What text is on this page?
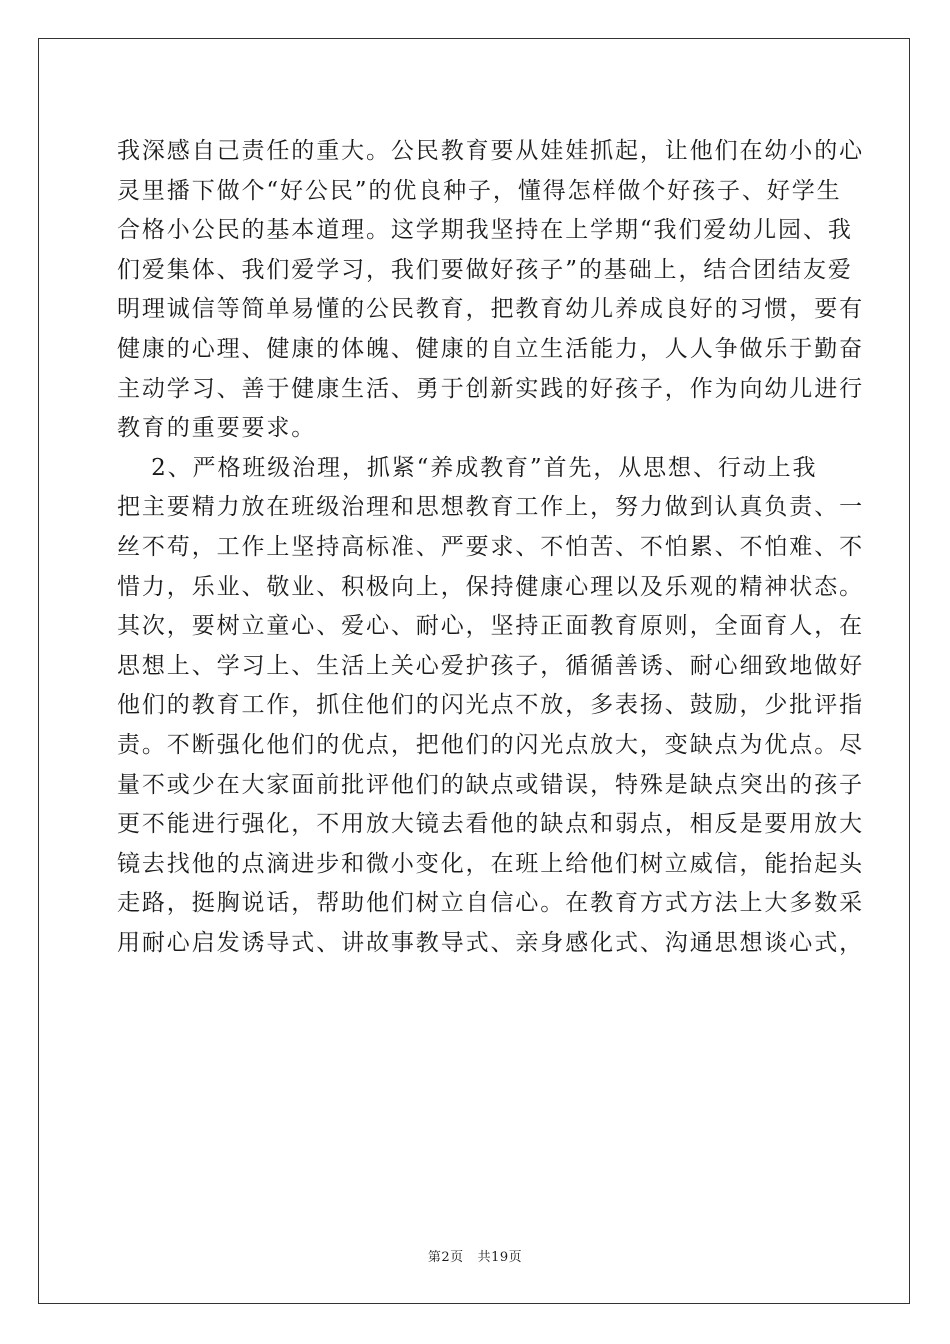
我深感自己责任的重大。公民教育要从娃娃抓起，让他们在幼小的心
灵里播下做个“好公民”的优良种子，懂得怎样做个好孩子、好学生
合格小公民的基本道理。这学期我坚持在上学期“我们爱幼儿园、我
们爱集体、我们爱学习，我们要做好孩子”的基础上，结合团结友爱
明理诚信等简单易懂的公民教育，把教育幼儿养成良好的习惯，要有
健康的心理、健康的体魄、健康的自立生活能力，人人争做乐于勤奋
主动学习、善于健康生活、勇于创新实践的好孩子，作为向幼儿进行
教育的重要要求。
　 2、严格班级治理，抓紧“养成教育”首先，从思想、行动上我
把主要精力放在班级治理和思想教育工作上，努力做到认真负责、一
丝不苟，工作上坚持高标准、严要求、不怕苦、不怕累、不怕难、不
惜力，乐业、敬业、积极向上，保持健康心理以及乐观的精神状态。
其次，要树立童心、爱心、耐心，坚持正面教育原则，全面育人，在
思想上、学习上、生活上关心爱护孩子，循循善诱、耐心细致地做好
他们的教育工作，抓住他们的闪光点不放，多表扬、鼓励，少批评指
责。不断强化他们的优点，把他们的闪光点放大，变缺点为优点。尽
量不或少在大家面前批评他们的缺点或错误，特殊是缺点突出的孩子
更不能进行强化，不用放大镜去看他的缺点和弱点，相反是要用放大
镜去找他的点滴进步和微小变化，在班上给他们树立威信，能抬起头
走路，挺胸说话，帮助他们树立自信心。在教育方式方法上大多数采
用耐心启发诱导式、讲故事教导式、亲身感化式、沟通思想谈心式，
第2页 共19页
